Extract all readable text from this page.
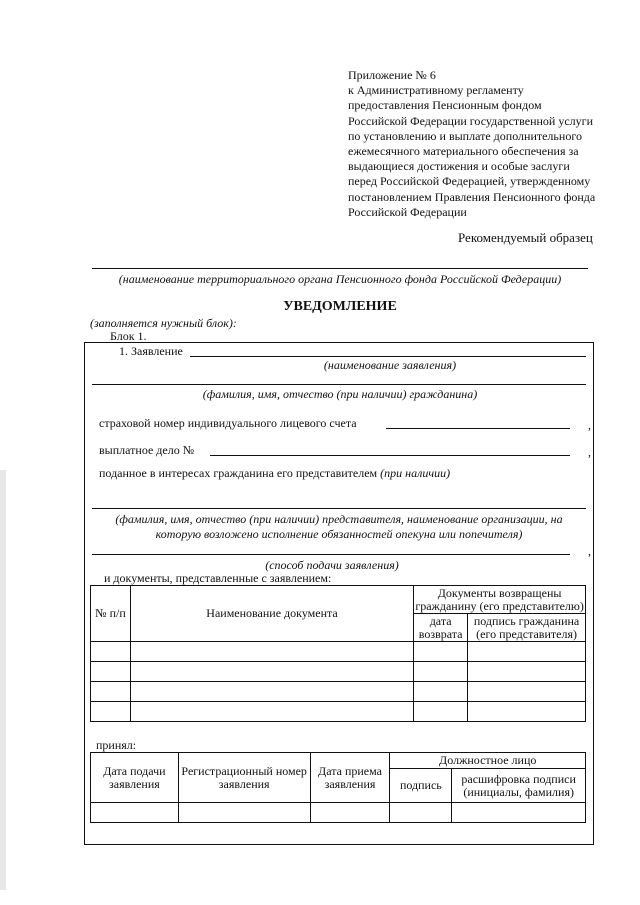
Приложение № 6
к Административному регламенту
предоставления Пенсионным фондом
Российской Федерации государственной услуги
по установлению и выплате дополнительного
ежемесячного материального обеспечения за
выдающиеся достижения и особые заслуги
перед Российской Федерацией, утвержденному
постановлением Правления Пенсионного фонда
Российской Федерации
Рекомендуемый образец
(наименование территориального органа Пенсионного фонда Российской Федерации)
УВЕДОМЛЕНИЕ
(заполняется нужный блок):
Блок 1.
1. Заявление
(наименование заявления)
(фамилия, имя, отчество (при наличии) гражданина)
страховой номер индивидуального лицевого счета	,
выплатное дело №	,
поданное в интересах гражданина его представителем (при наличии)
(фамилия, имя, отчество (при наличии) представителя, наименование организации, на
которую возложено исполнение обязанностей опекуна или попечителя)
,
(способ подачи заявления)
и документы, представленные с заявлением:
№ п/п	Наименование документа	Документы возвращены гражданину (его представителю)	
		дата возврата	подпись гражданина (его представителя)

принял:
Дата подачи заявления	Регистрационный номер заявления	Дата приема заявления	Должностное лицо	
			подпись	расшифровка подписи (инициалы, фамилия)
